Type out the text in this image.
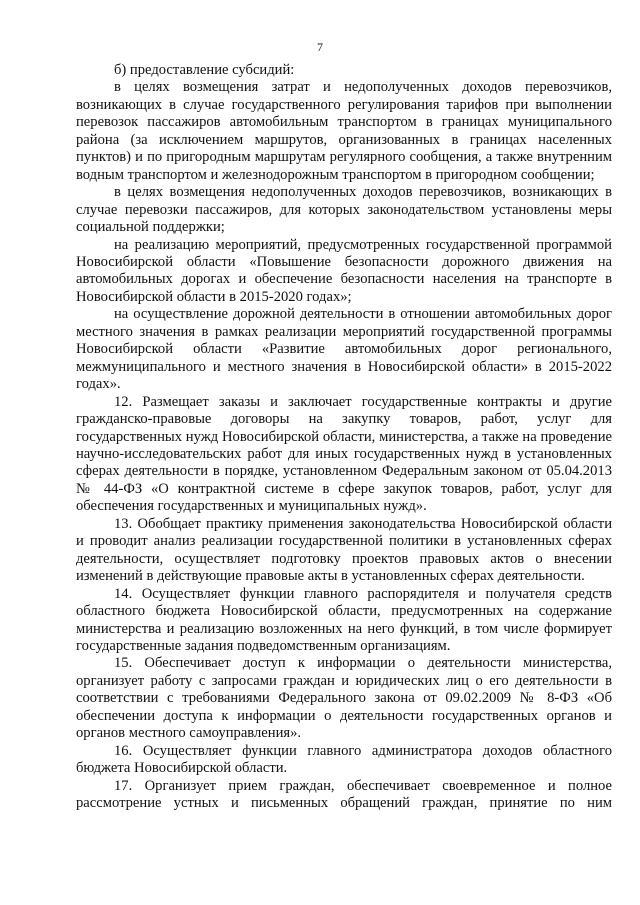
7

б) предоставление субсидий:

в целях возмещения затрат и недополученных доходов перевозчиков, возникающих в случае государственного регулирования тарифов при выполнении перевозок пассажиров автомобильным транспортом в границах муниципального района (за исключением маршрутов, организованных в границах населенных пунктов) и по пригородным маршрутам регулярного сообщения, а также внутренним водным транспортом и железнодорожным транспортом в пригородном сообщении;

в целях возмещения недополученных доходов перевозчиков, возникающих в случае перевозки пассажиров, для которых законодательством установлены меры социальной поддержки;

на реализацию мероприятий, предусмотренных государственной программой Новосибирской области «Повышение безопасности дорожного движения на автомобильных дорогах и обеспечение безопасности населения на транспорте в Новосибирской области в 2015-2020 годах»;

на осуществление дорожной деятельности в отношении автомобильных дорог местного значения в рамках реализации мероприятий государственной программы Новосибирской области «Развитие автомобильных дорог регионального, межмуниципального и местного значения в Новосибирской области» в 2015-2022 годах».

12. Размещает заказы и заключает государственные контракты и другие гражданско-правовые договоры на закупку товаров, работ, услуг для государственных нужд Новосибирской области, министерства, а также на проведение научно-исследовательских работ для иных государственных нужд в установленных сферах деятельности в порядке, установленном Федеральным законом от 05.04.2013 № 44-ФЗ «О контрактной системе в сфере закупок товаров, работ, услуг для обеспечения государственных и муниципальных нужд».

13. Обобщает практику применения законодательства Новосибирской области и проводит анализ реализации государственной политики в установленных сферах деятельности, осуществляет подготовку проектов правовых актов о внесении изменений в действующие правовые акты в установленных сферах деятельности.

14. Осуществляет функции главного распорядителя и получателя средств областного бюджета Новосибирской области, предусмотренных на содержание министерства и реализацию возложенных на него функций, в том числе формирует государственные задания подведомственным организациям.

15. Обеспечивает доступ к информации о деятельности министерства, организует работу с запросами граждан и юридических лиц о его деятельности в соответствии с требованиями Федерального закона от 09.02.2009 № 8-ФЗ «Об обеспечении доступа к информации о деятельности государственных органов и органов местного самоуправления».

16. Осуществляет функции главного администратора доходов областного бюджета Новосибирской области.

17. Организует прием граждан, обеспечивает своевременное и полное рассмотрение устных и письменных обращений граждан, принятие по ним
